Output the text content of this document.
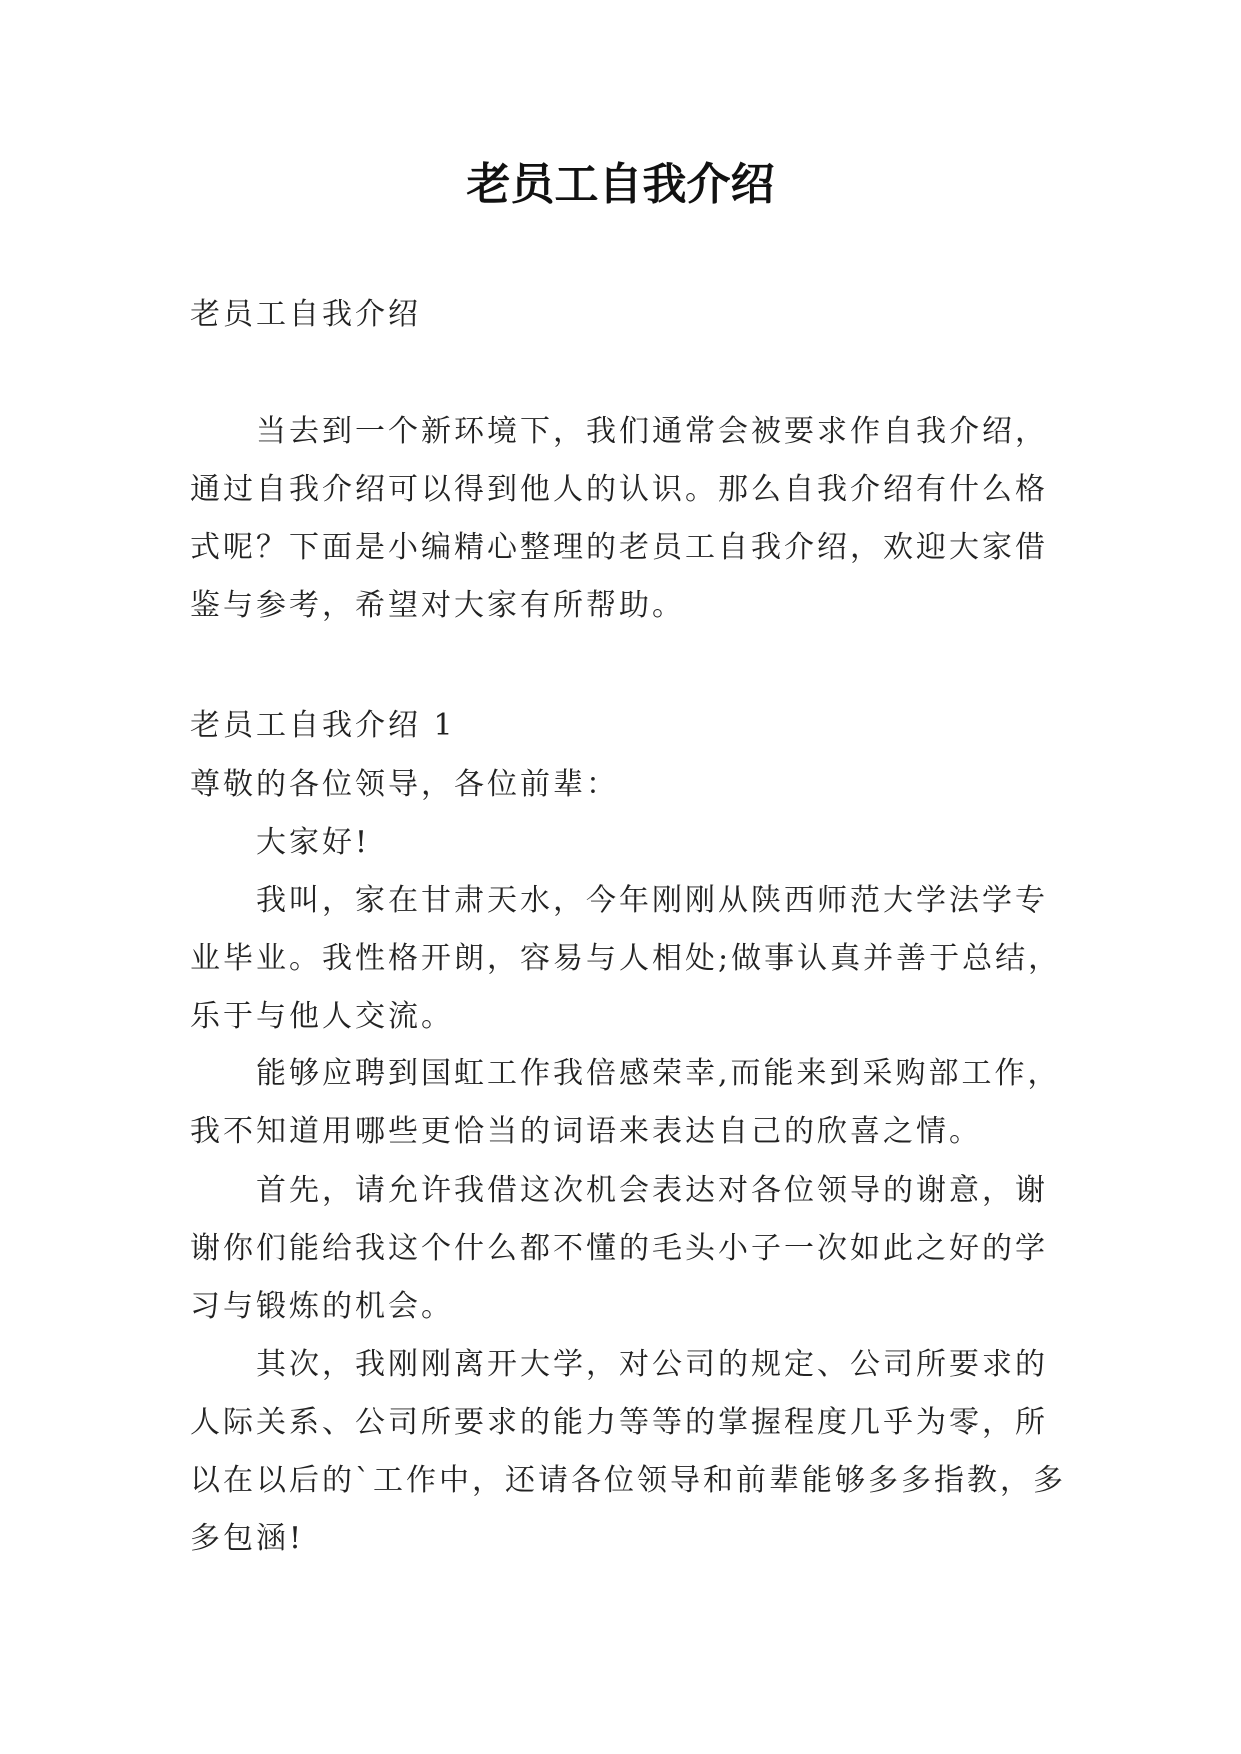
老员工自我介绍

老员工自我介绍

当去到一个新环境下，我们通常会被要求作自我介绍，通过自我介绍可以得到他人的认识。那么自我介绍有什么格式呢？下面是小编精心整理的老员工自我介绍，欢迎大家借鉴与参考，希望对大家有所帮助。

老员工自我介绍 1

尊敬的各位领导，各位前辈：

大家好!

我叫，家在甘肃天水，今年刚刚从陕西师范大学法学专业毕业。我性格开朗，容易与人相处;做事认真并善于总结，乐于与他人交流。

能够应聘到国虹工作我倍感荣幸,而能来到采购部工作，我不知道用哪些更恰当的词语来表达自己的欣喜之情。

首先，请允许我借这次机会表达对各位领导的谢意，谢谢你们能给我这个什么都不懂的毛头小子一次如此之好的学习与锻炼的机会。

其次，我刚刚离开大学，对公司的规定、公司所要求的人际关系、公司所要求的能力等等的掌握程度几乎为零，所以在以后的`工作中，还请各位领导和前辈能够多多指教，多多包涵!
